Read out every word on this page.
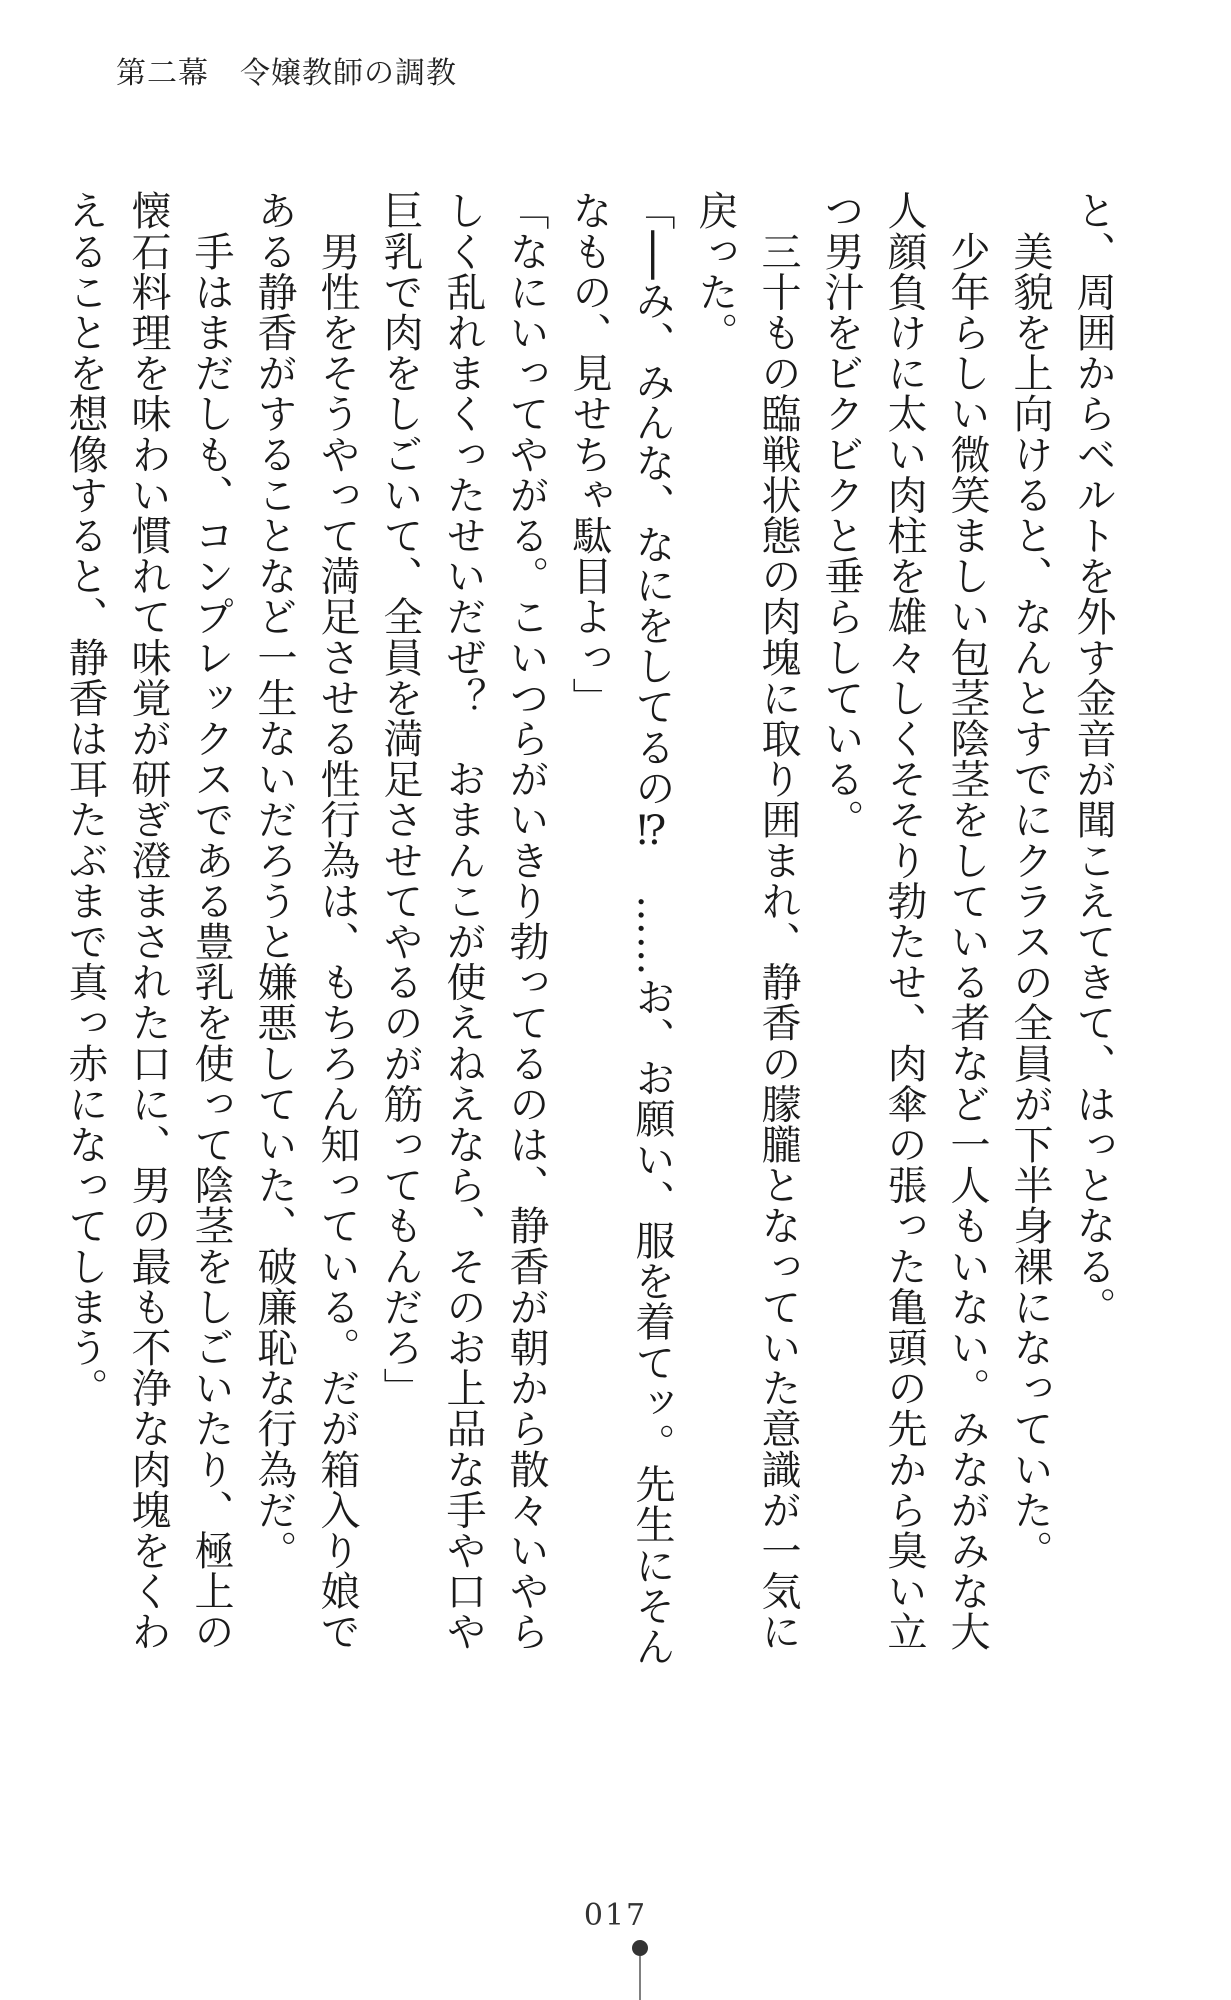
第二幕　令嬢教師の調教

と、周囲からベルトを外す金音が聞こえてきて、はっとなる。

　美貌を上向けると、なんとすでにクラスの全員が下半身裸になっていた。

　少年らしい微笑ましい包茎陰茎をしている者など一人もいない。みながみな大人顔負けに太い肉柱を雄々しくそそり勃たせ、肉傘の張った亀頭の先から臭い立つ男汁をビクビクと垂らしている。

　三十もの臨戦状態の肉塊に取り囲まれ、静香の朦朧となっていた意識が一気に戻った。

「──み、みんな、なにをしてるの⁉　……お、お願い、服を着てッ。先生にそんなもの、見せちゃ駄目よっ」

「なにいってやがる。こいつらがいきり勃ってるのは、静香が朝から散々いやらしく乱れまくったせいだぜ？　おまんこが使えねえなら、そのお上品な手や口や巨乳で肉をしごいて、全員を満足させてやるのが筋ってもんだろ」

　男性をそうやって満足させる性行為は、もちろん知っている。だが箱入り娘である静香がすることなど一生ないだろうと嫌悪していた、破廉恥な行為だ。

　手はまだしも、コンプレックスである豊乳を使って陰茎をしごいたり、極上の懐石料理を味わい慣れて味覚が研ぎ澄まされた口に、男の最も不浄な肉塊をくわえることを想像すると、静香は耳たぶまで真っ赤になってしまう。

017
